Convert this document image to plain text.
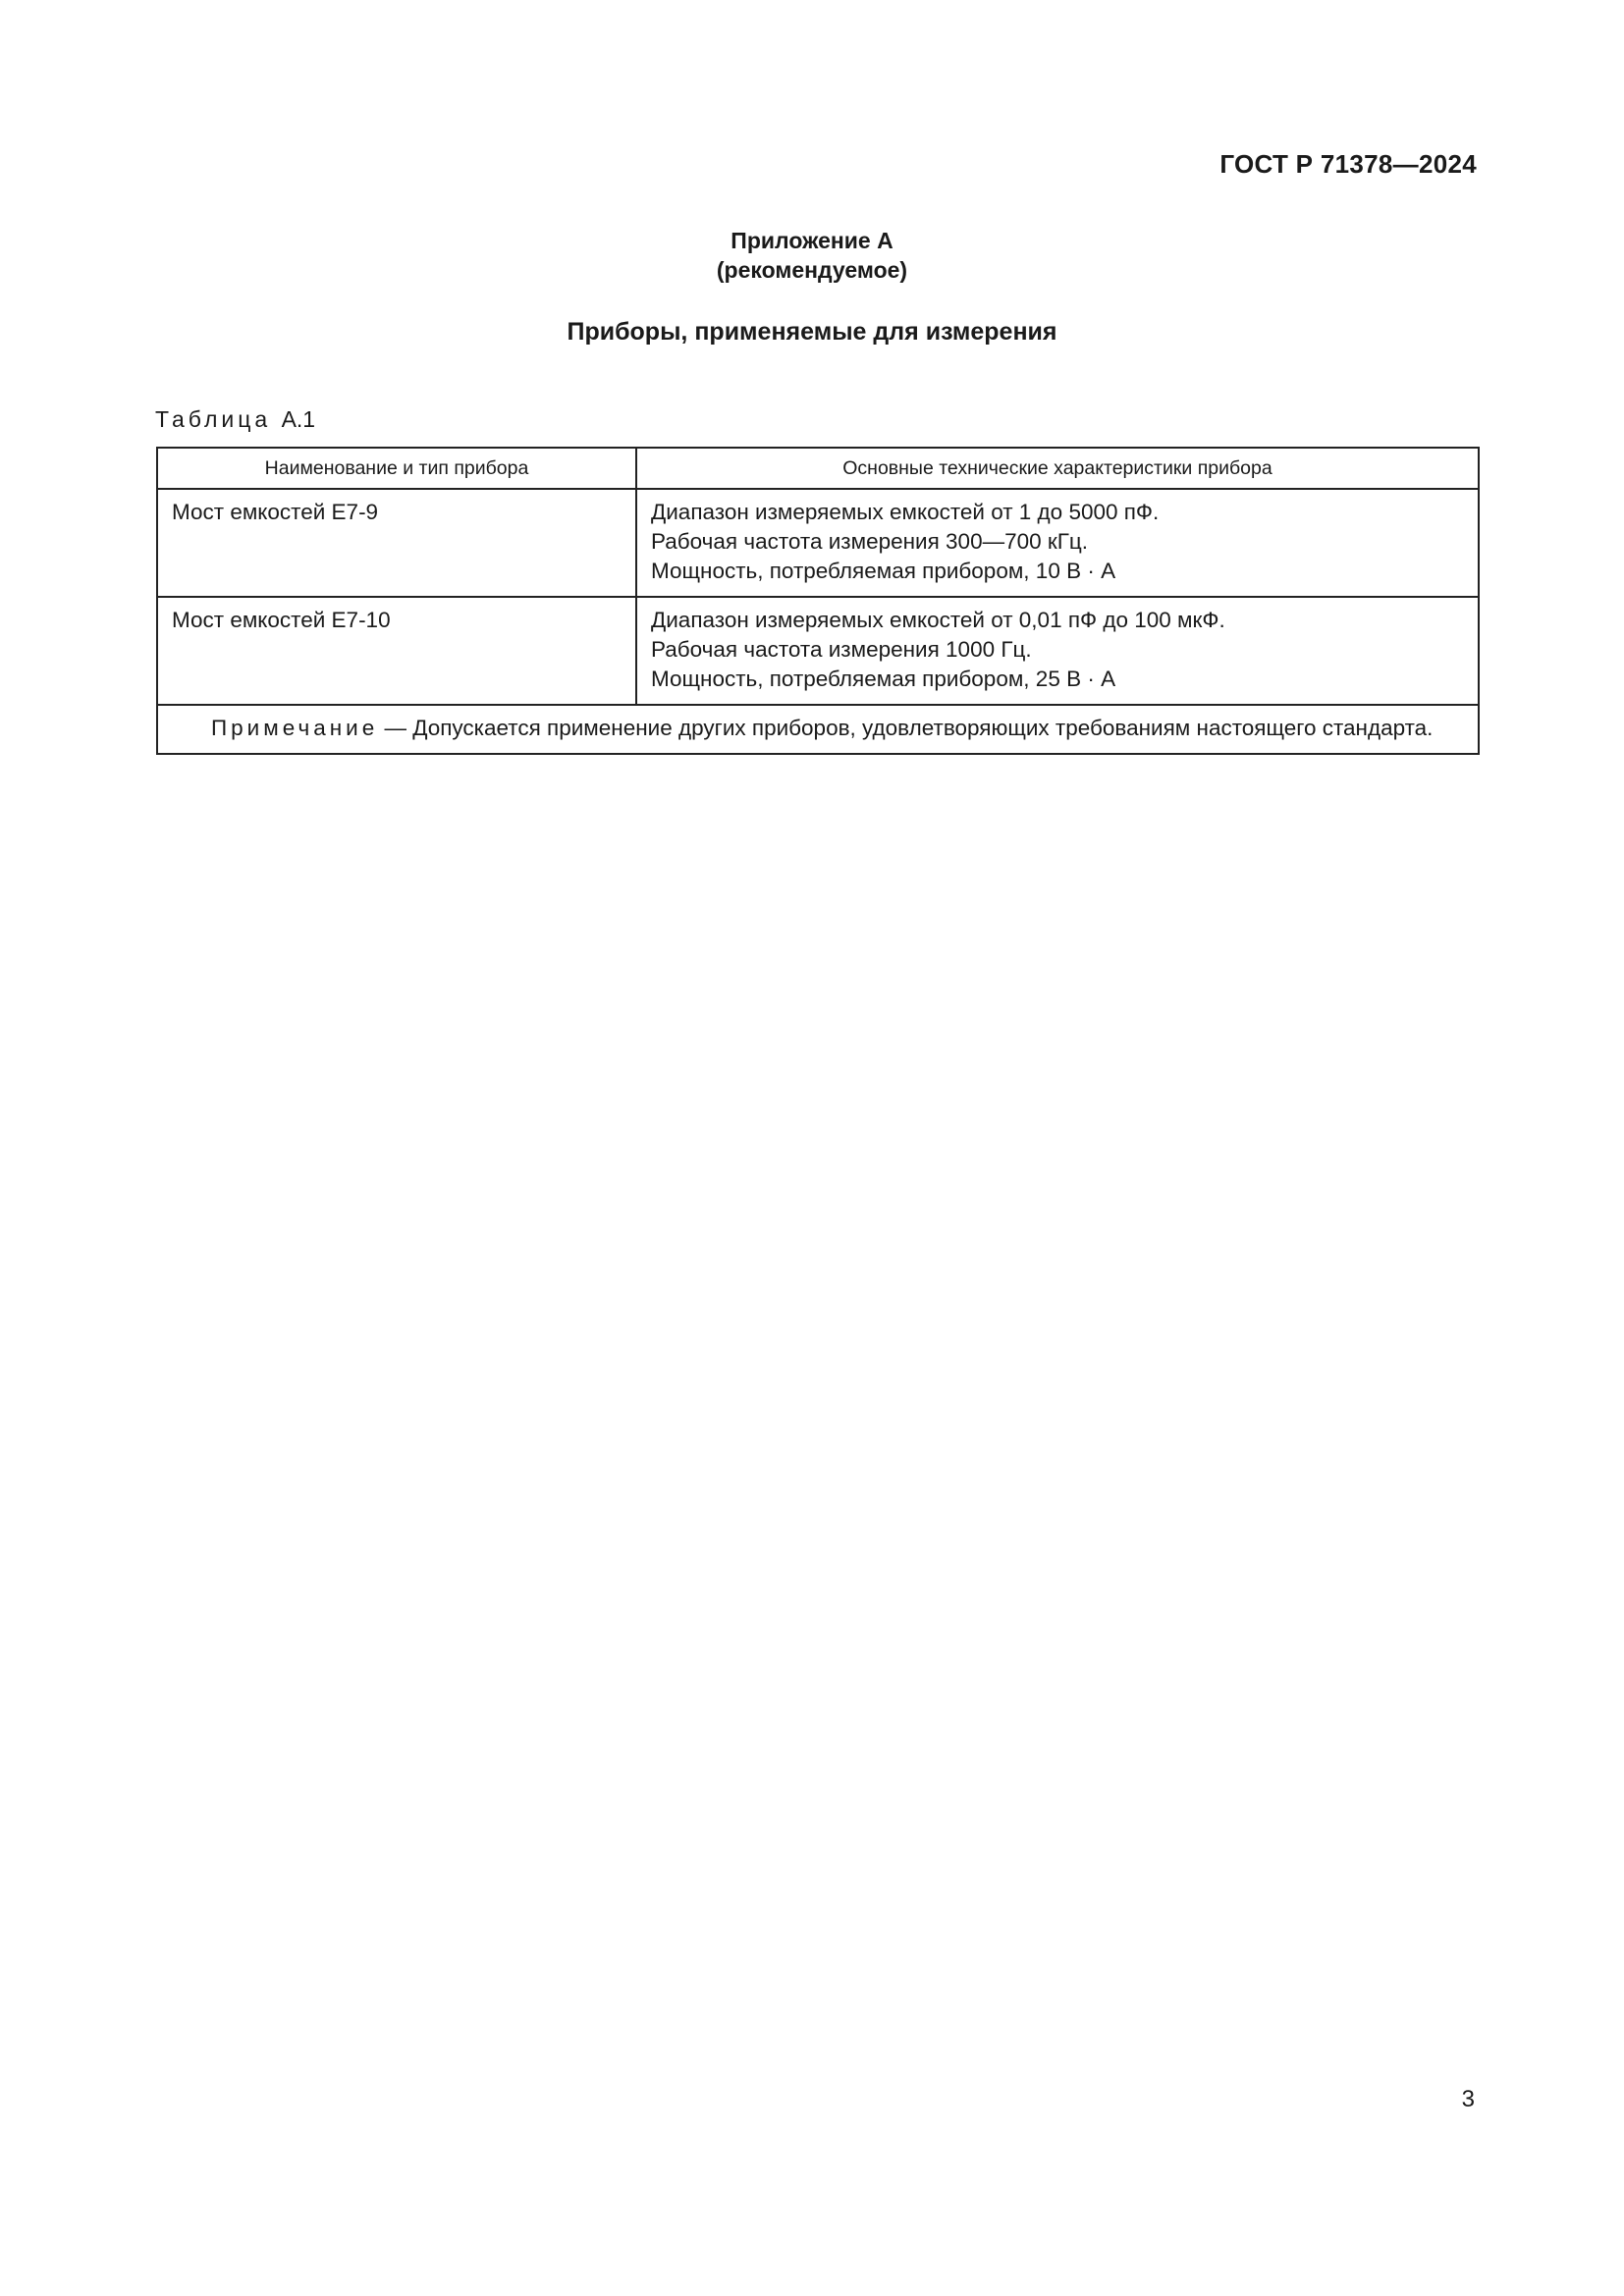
ГОСТ Р 71378—2024
Приложение А
(рекомендуемое)
Приборы, применяемые для измерения
Таблица А.1
Наименование и тип прибора	Основные технические характеристики прибора
Мост емкостей Е7-9	Диапазон измеряемых емкостей от 1 до 5000 пФ.
Рабочая частота измерения 300—700 кГц.
Мощность, потребляемая прибором, 10 В · А

Мост емкостей Е7-10	Диапазон измеряемых емкостей от 0,01 пФ до 100 мкФ.
Рабочая частота измерения 1000 Гц.
Мощность, потребляемая прибором, 25 В · А

Примечание — Допускается применение других приборов, удовлетворяющих требованиям настоящего стандарта.	
3
